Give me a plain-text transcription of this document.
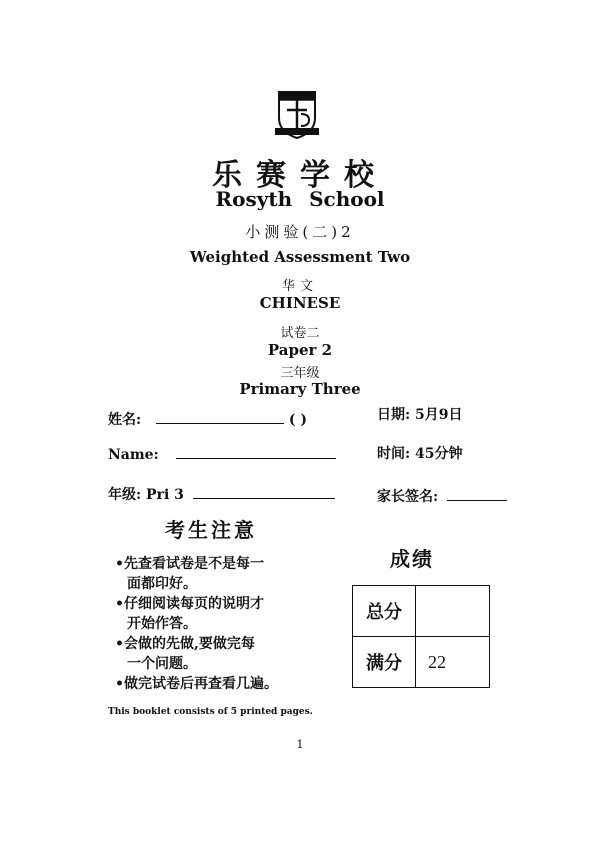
乐赛学校
Rosyth School
小测验(二)2
Weighted Assessment Two
华文
CHINESE
试卷二
Paper 2
三年级
Primary Three
姓名:	( )	日期: 5月9日
Name:	时间: 45分钟
年级: Pri 3	家长签名:
考生注意

•先查看试卷是不是每一
面都印好。

•仔细阅读每页的说明才
开始作答。

•会做的先做,要做完每
一个问题。

•做完试卷后再查看几遍。

成绩
总分	
满分	22
This booklet consists of 5 printed pages.
1
